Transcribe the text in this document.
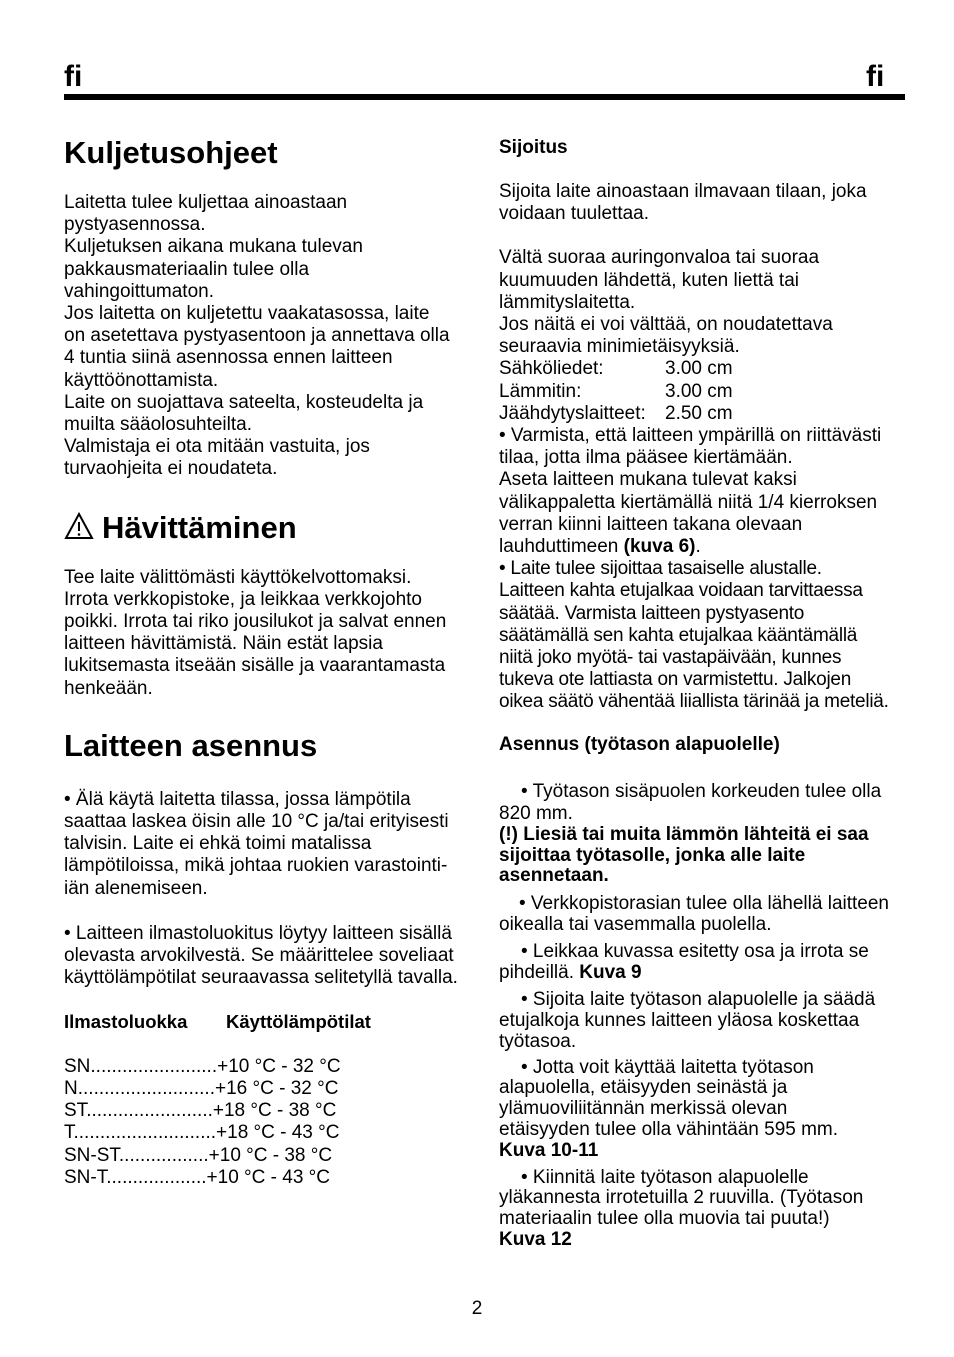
fi	fi
Kuljetusohjeet

Laitetta tulee kuljettaa ainoastaan
pystyasennossa.
Kuljetuksen aikana mukana tulevan
pakkausmateriaalin tulee olla
vahingoittumaton.
Jos laitetta on kuljetettu vaakatasossa, laite
on asetettava pystyasentoon ja annettava olla
4 tuntia siinä asennossa ennen laitteen
käyttöönottamista.
Laite on suojattava sateelta, kosteudelta ja
muilta sääolosuhteilta.
Valmistaja ei ota mitään vastuita, jos
turvaohjeita ei noudateta.

Hävittäminen

Tee laite välittömästi käyttökelvottomaksi.
Irrota verkkopistoke, ja leikkaa verkkojohto
poikki. Irrota tai riko jousilukot ja salvat ennen
laitteen hävittämistä. Näin estät lapsia
lukitsemasta itseään sisälle ja vaarantamasta
henkeään.

Laitteen asennus

• Älä käytä laitetta tilassa, jossa lämpötila
saattaa laskea öisin alle 10 °C ja/tai erityisesti
talvisin. Laite ei ehkä toimi matalissa
lämpötiloissa, mikä johtaa ruokien varastointi-
iän alenemiseen.

• Laitteen ilmastoluokitus löytyy laitteen sisällä
olevasta arvokilvestä. Se määrittelee soveliaat
käyttölämpötilat seuraavassa selitetyllä tavalla.

Ilmastoluokka	Käyttölämpötilat
SN........................+10 °C - 32 °C
N..........................+16 °C - 32 °C
ST........................+18 °C - 38 °C
T...........................+18 °C - 43 °C
SN-ST.................+10 °C - 38 °C
SN-T...................+10 °C - 43 °C
Sijoitus

Sijoita laite ainoastaan ilmavaan tilaan, joka
voidaan tuulettaa.

Vältä suoraa auringonvaloa tai suoraa
kuumuuden lähdettä, kuten liettä tai
lämmityslaitetta.
Jos näitä ei voi välttää, on noudatettava
seuraavia minimietäisyyksiä.

Sähköliedet:	3.00 cm
Lämmitin:	3.00 cm
Jäähdytyslaitteet:	2.50 cm

• Varmista, että laitteen ympärillä on riittävästi
tilaa, jotta ilma pääsee kiertämään.
Aseta laitteen mukana tulevat kaksi
välikappaletta kiertämällä niitä 1/4 kierroksen
verran kiinni laitteen takana olevaan
lauhduttimeen (kuva 6).

• Laite tulee sijoittaa tasaiselle alustalle.
Laitteen kahta etujalkaa voidaan tarvittaessa
säätää. Varmista laitteen pystyasento
säätämällä sen kahta etujalkaa kääntämällä
niitä joko myötä- tai vastapäivään, kunnes
tukeva ote lattiasta on varmistettu. Jalkojen
oikea säätö vähentää liiallista tärinää ja meteliä.

Asennus (työtason alapuolelle)

• Työtason sisäpuolen korkeuden tulee olla
820 mm.

(!) Liesiä tai muita lämmön lähteitä ei saa
sijoittaa työtasolle, jonka alle laite
asennetaan.

• Verkkopistorasian tulee olla lähellä laitteen
oikealla tai vasemmalla puolella.

• Leikkaa kuvassa esitetty osa ja irrota se
pihdeillä. Kuva 9

• Sijoita laite työtason alapuolelle ja säädä
etujalkoja kunnes laitteen yläosa koskettaa
työtasoa.

• Jotta voit käyttää laitetta työtason
alapuolella, etäisyyden seinästä ja
ylämuoviliitännän merkissä olevan
etäisyyden tulee olla vähintään 595 mm.
Kuva 10-11

• Kiinnitä laite työtason alapuolelle
yläkannesta irrotetuilla 2 ruuvilla. (Työtason
materiaalin tulee olla muovia tai puuta!)
Kuva 12

2
